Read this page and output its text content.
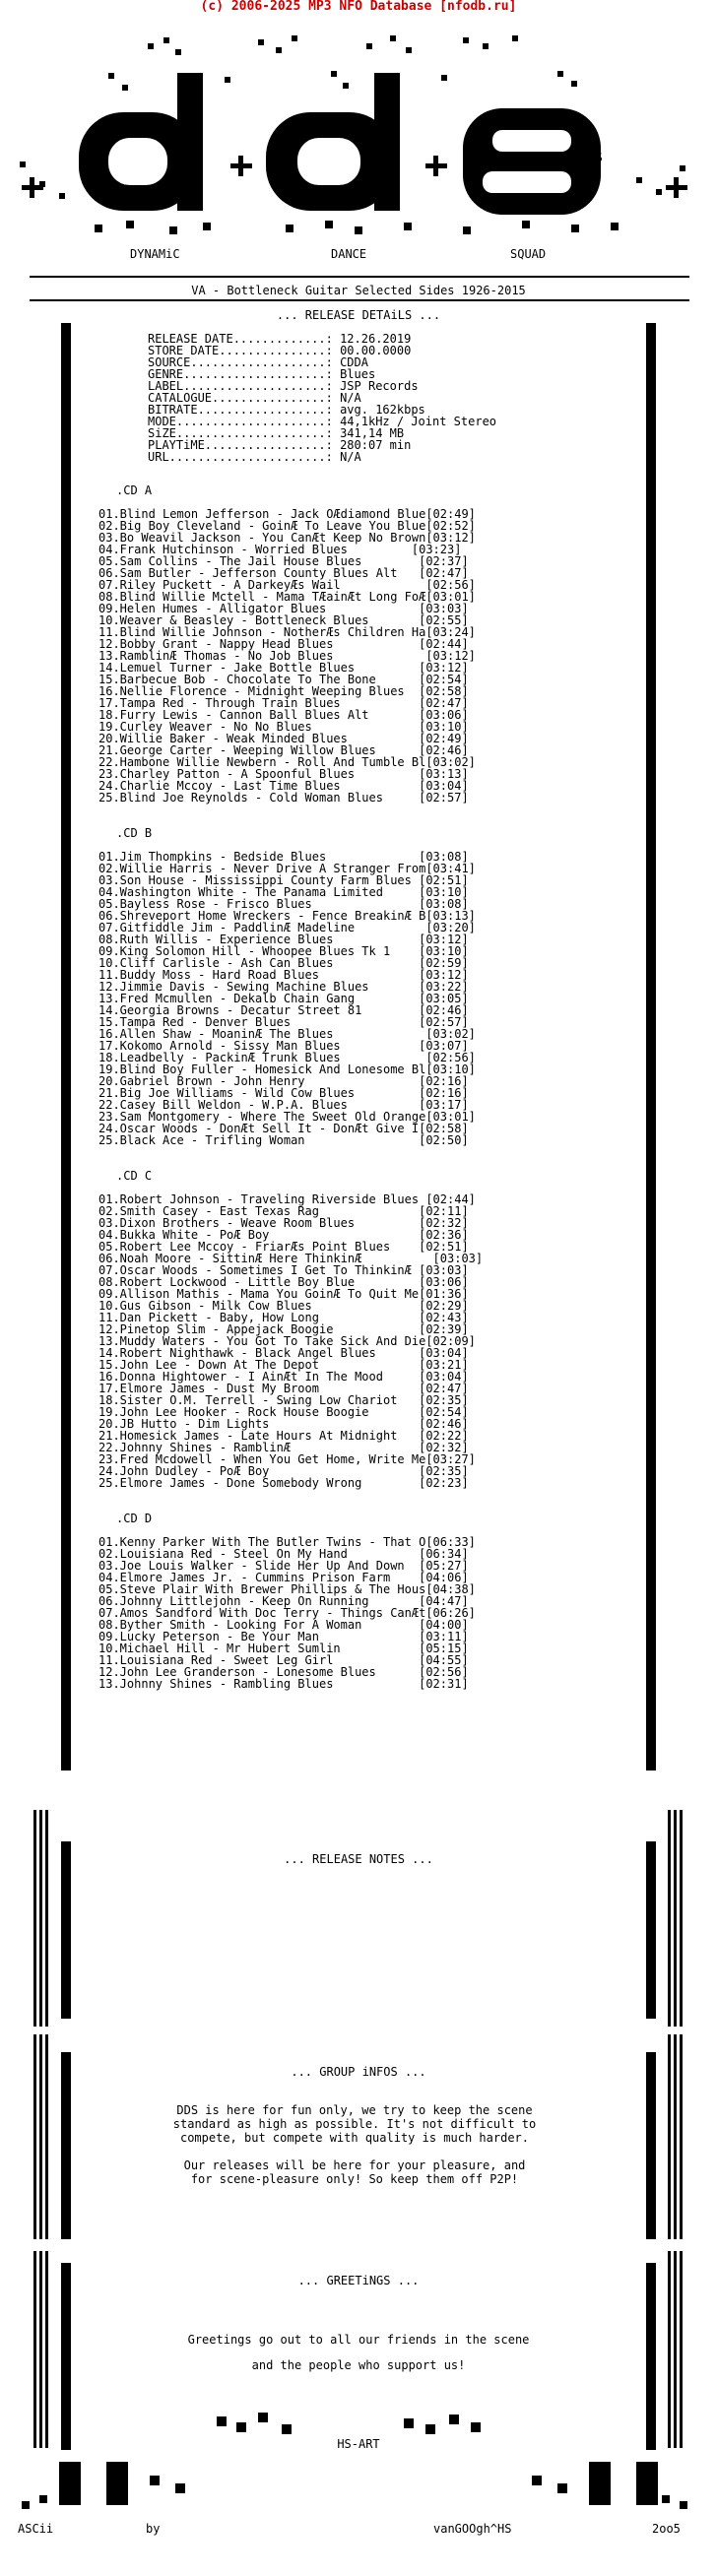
(c) 2006-2025 MP3 NFO Database [nfodb.ru]
G
O
O^HS
DYNAMiC	DANCE	SQUAD
VA - Bottleneck Guitar Selected Sides 1926-2015
... RELEASE DETAiLS ...
RELEASE DATE.............: 12.26.2019
STORE DATE...............: 00.00.0000
SOURCE...................: CDDA
GENRE....................: Blues
LABEL....................: JSP Records
CATALOGUE................: N/A
BITRATE..................: avg. 162kbps
MODE.....................: 44,1kHz / Joint Stereo
SiZE.....................: 341,14 MB
PLAYTiME.................: 280:07 min
URL......................: N/A
.CD A
01.Blind Lemon Jefferson - Jack OÆdiamond Blue[02:49]
02.Big Boy Cleveland - GoinÆ To Leave You Blue[02:52]
03.Bo Weavil Jackson - You CanÆt Keep No Brown[03:12]
04.Frank Hutchinson - Worried Blues         [03:23]
05.Sam Collins - The Jail House Blues        [02:37]
06.Sam Butler - Jefferson County Blues Alt   [02:47]
07.Riley Puckett - A DarkeyÆs Wail            [02:56]
08.Blind Willie Mctell - Mama TÆainÆt Long FoÆ[03:01]
09.Helen Humes - Alligator Blues             [03:03]
10.Weaver & Beasley - Bottleneck Blues       [02:55]
11.Blind Willie Johnson - NotherÆs Children Ha[03:24]
12.Bobby Grant - Nappy Head Blues            [02:44]
13.RamblinÆ Thomas - No Job Blues             [03:12]
14.Lemuel Turner - Jake Bottle Blues         [03:12]
15.Barbecue Bob - Chocolate To The Bone      [02:54]
16.Nellie Florence - Midnight Weeping Blues  [02:58]
17.Tampa Red - Through Train Blues           [02:47]
18.Furry Lewis - Cannon Ball Blues Alt       [03:06]
19.Curley Weaver - No No Blues               [03:10]
20.Willie Baker - Weak Minded Blues          [02:49]
21.George Carter - Weeping Willow Blues      [02:46]
22.Hambone Willie Newbern - Roll And Tumble Bl[03:02]
23.Charley Patton - A Spoonful Blues         [03:13]
24.Charlie Mccoy - Last Time Blues           [03:04]
25.Blind Joe Reynolds - Cold Woman Blues     [02:57]
.CD B
01.Jim Thompkins - Bedside Blues             [03:08]
02.Willie Harris - Never Drive A Stranger From[03:41]
03.Son House - Mississippi County Farm Blues [02:51]
04.Washington White - The Panama Limited     [03:10]
05.Bayless Rose - Frisco Blues               [03:08]
06.Shreveport Home Wreckers - Fence BreakinÆ B[03:13]
07.Gitfiddle Jim - PaddlinÆ Madeline          [03:20]
08.Ruth Willis - Experience Blues            [03:12]
09.King Solomon Hill - Whoopee Blues Tk 1    [03:10]
10.Cliff Carlisle - Ash Can Blues            [02:59]
11.Buddy Moss - Hard Road Blues              [03:12]
12.Jimmie Davis - Sewing Machine Blues       [03:22]
13.Fred Mcmullen - Dekalb Chain Gang         [03:05]
14.Georgia Browns - Decatur Street 81        [02:46]
15.Tampa Red - Denver Blues                  [02:57]
16.Allen Shaw - MoaninÆ The Blues             [03:02]
17.Kokomo Arnold - Sissy Man Blues           [03:07]
18.Leadbelly - PackinÆ Trunk Blues            [02:56]
19.Blind Boy Fuller - Homesick And Lonesome Bl[03:10]
20.Gabriel Brown - John Henry                [02:16]
21.Big Joe Williams - Wild Cow Blues         [02:16]
22.Casey Bill Weldon - W.P.A. Blues          [03:17]
23.Sam Montgomery - Where The Sweet Old Orange[03:01]
24.Oscar Woods - DonÆt Sell It - DonÆt Give I[02:58]
25.Black Ace - Trifling Woman                [02:50]
.CD C
01.Robert Johnson - Traveling Riverside Blues [02:44]
02.Smith Casey - East Texas Rag              [02:11]
03.Dixon Brothers - Weave Room Blues         [02:32]
04.Bukka White - PoÆ Boy                     [02:36]
05.Robert Lee Mccoy - FriarÆs Point Blues    [02:51]
06.Noah Moore - SittinÆ Here ThinkinÆ          [03:03]
07.Oscar Woods - Sometimes I Get To ThinkinÆ [03:03]
08.Robert Lockwood - Little Boy Blue         [03:06]
09.Allison Mathis - Mama You GoinÆ To Quit Me[01:36]
10.Gus Gibson - Milk Cow Blues               [02:29]
11.Dan Pickett - Baby, How Long              [02:43]
12.Pinetop Slim - Appejack Boogie            [02:39]
13.Muddy Waters - You Got To Take Sick And Die[02:09]
14.Robert Nighthawk - Black Angel Blues      [03:04]
15.John Lee - Down At The Depot              [03:21]
16.Donna Hightower - I AinÆt In The Mood     [03:04]
17.Elmore James - Dust My Broom              [02:47]
18.Sister O.M. Terrell - Swing Low Chariot   [02:35]
19.John Lee Hooker - Rock House Boogie       [02:54]
20.JB Hutto - Dim Lights                     [02:46]
21.Homesick James - Late Hours At Midnight   [02:22]
22.Johnny Shines - RamblinÆ                  [02:32]
23.Fred Mcdowell - When You Get Home, Write Me[03:27]
24.John Dudley - PoÆ Boy                     [02:35]
25.Elmore James - Done Somebody Wrong        [02:23]
.CD D
01.Kenny Parker With The Butler Twins - That O[06:33]
02.Louisiana Red - Steel On My Hand          [06:34]
03.Joe Louis Walker - Slide Her Up And Down  [05:27]
04.Elmore James Jr. - Cummins Prison Farm    [04:06]
05.Steve Plair With Brewer Phillips & The Hous[04:38]
06.Johnny Littlejohn - Keep On Running       [04:47]
07.Amos Sandford With Doc Terry - Things CanÆt[06:26]
08.Byther Smith - Looking For A Woman        [04:00]
09.Lucky Peterson - Be Your Man              [03:11]
10.Michael Hill - Mr Hubert Sumlin           [05:15]
11.Louisiana Red - Sweet Leg Girl            [04:55]
12.John Lee Granderson - Lonesome Blues      [02:56]
13.Johnny Shines - Rambling Blues            [02:31]
... RELEASE NOTES ...
... GROUP iNFOS ...
DDS is here for fun only, we try to keep the scene
standard as high as possible. It's not difficult to
compete, but compete with quality is much harder.
Our releases will be here for your pleasure, and
for scene-pleasure only! So keep them off P2P!
... GREETiNGS ...
Greetings go out to all our friends in the scene
and the people who support us!
HS-ART
ASCii	by	vanGOOgh^HS	2oo5
